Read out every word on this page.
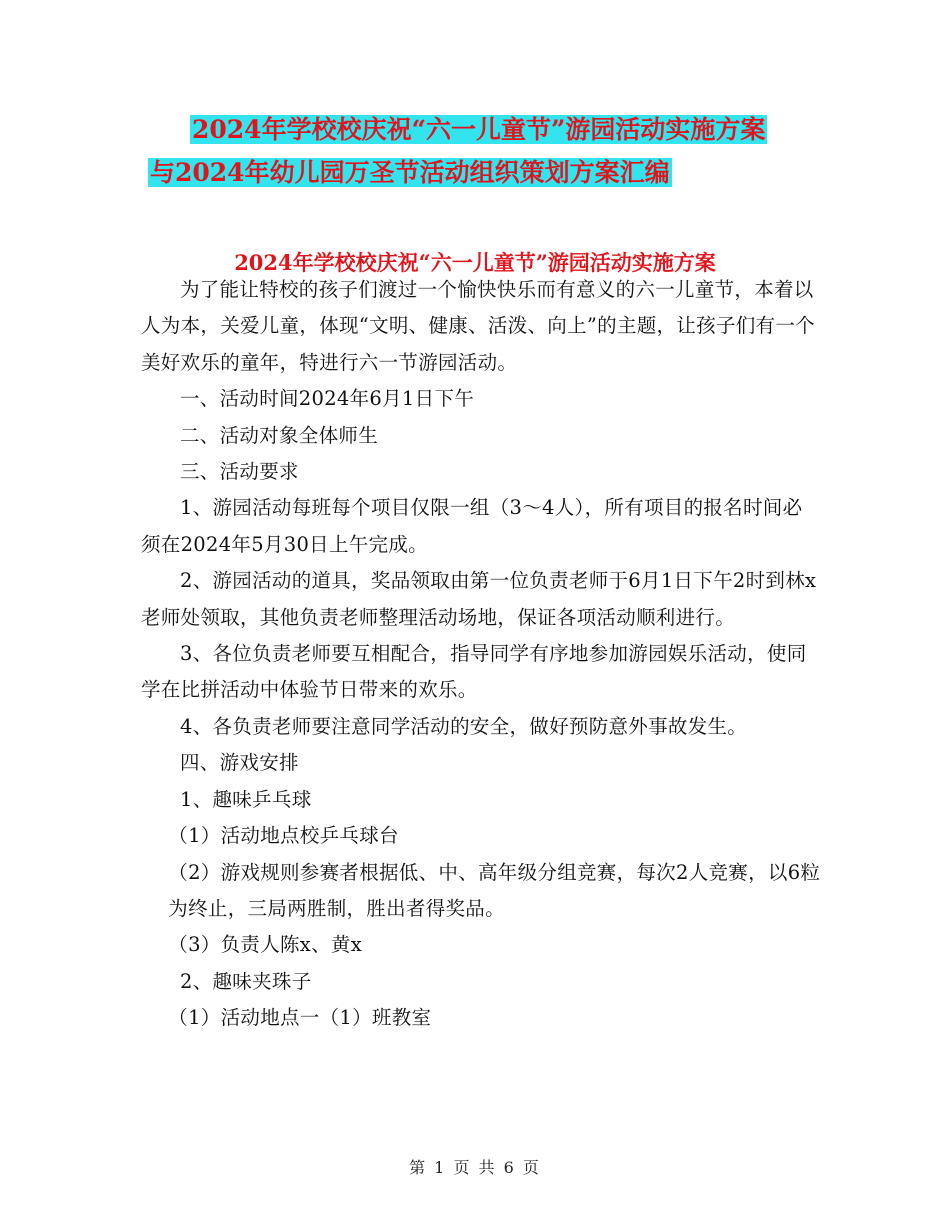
2024年学校校庆祝“六一儿童节”游园活动实施方案
与2024年幼儿园万圣节活动组织策划方案汇编
2024年学校校庆祝“六一儿童节”游园活动实施方案

为了能让特校的孩子们渡过一个愉快快乐而有意义的六一儿童节，本着以人为本，关爱儿童，体现“文明、健康、活泼、向上”的主题，让孩子们有一个美好欢乐的童年，特进行六一节游园活动。

一、活动时间2024年6月1日下午

二、活动对象全体师生

三、活动要求

1、游园活动每班每个项目仅限一组（3～4人），所有项目的报名时间必须在2024年5月30日上午完成。

2、游园活动的道具，奖品领取由第一位负责老师于6月1日下午2时到林x老师处领取，其他负责老师整理活动场地，保证各项活动顺利进行。

3、各位负责老师要互相配合，指导同学有序地参加游园娱乐活动，使同学在比拼活动中体验节日带来的欢乐。

4、各负责老师要注意同学活动的安全，做好预防意外事故发生。

四、游戏安排

1、趣味乒乓球

（1）活动地点校乒乓球台

（2）游戏规则参赛者根据低、中、高年级分组竞赛，每次2人竞赛，以6粒为终止，三局两胜制，胜出者得奖品。

（3）负责人陈x、黄x

2、趣味夹珠子

（1）活动地点一（1）班教室

第 1 页 共 6 页
